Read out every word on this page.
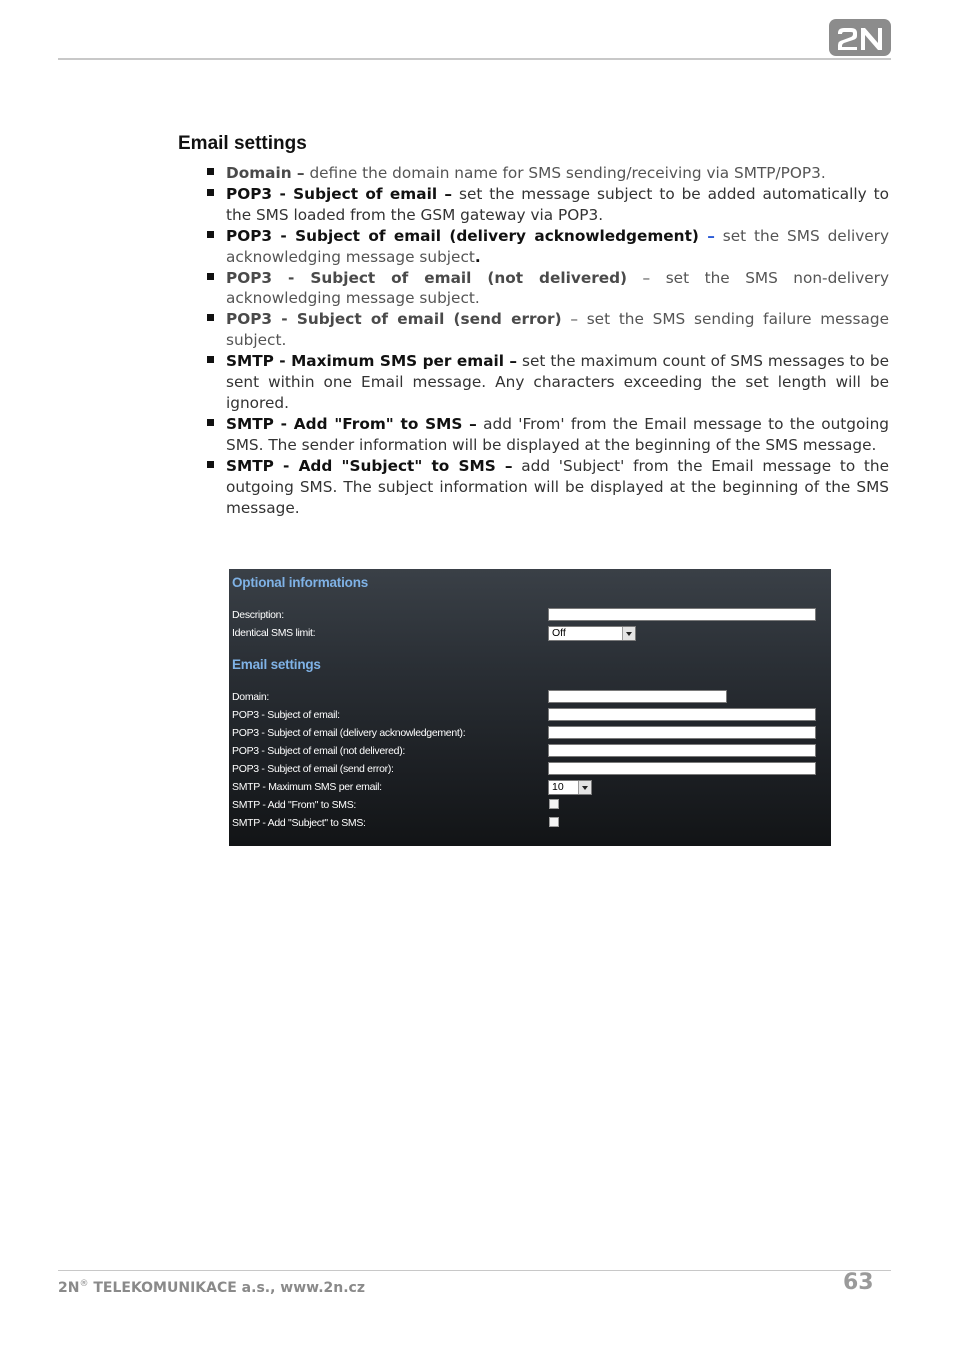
Email settings
Domain – define the domain name for SMS sending/receiving via SMTP/POP3.
POP3 - Subject of email – set the message subject to be added automatically to the SMS loaded from the GSM gateway via POP3.
POP3 - Subject of email (delivery acknowledgement) – set the SMS delivery acknowledging message subject.
POP3 - Subject of email (not delivered) – set the SMS non-delivery acknowledging message subject.
POP3 - Subject of email (send error) – set the SMS sending failure message subject.
SMTP - Maximum SMS per email – set the maximum count of SMS messages to be sent within one Email message. Any characters exceeding the set length will be ignored.
SMTP - Add "From" to SMS – add 'From' from the Email message to the outgoing SMS. The sender information will be displayed at the beginning of the SMS message.
SMTP - Add "Subject" to SMS – add 'Subject' from the Email message to the outgoing SMS. The subject information will be displayed at the beginning of the SMS message.
Optional informations
Description:
Identical SMS limit:	Off
Email settings
Domain:
POP3 - Subject of email:
POP3 - Subject of email (delivery acknowledgement):
POP3 - Subject of email (not delivered):
POP3 - Subject of email (send error):
SMTP - Maximum SMS per email:	10
SMTP - Add "From" to SMS:
SMTP - Add "Subject" to SMS:
2N® TELEKOMUNIKACE a.s., www.2n.cz	63
